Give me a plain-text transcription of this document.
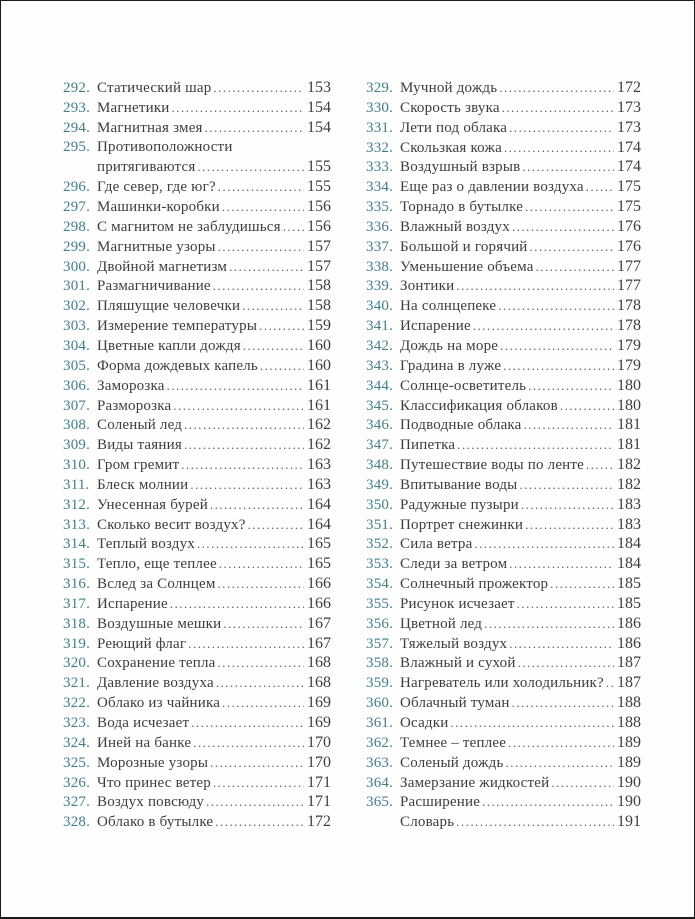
292. Статический шар .....	153
293. Магнетики .....	154
294. Магнитная змея .....	154
295. Противоположности
притягиваются .....	155
296. Где север, где юг? .....	155
297. Машинки-коробки .....	156
298. С магнитом не заблудишься ..... 156
299. Магнитные узоры .....	157
300. Двойной магнетизм .....	157
301. Размагничивание .....	158
302. Пляшущие человечки .....	158
303. Измерение температуры .....	159
304. Цветные капли дождя .....	160
305. Форма дождевых капель .....	160
306. Заморозка .....	161
307. Разморозка .....	161
308. Соленый лед .....	162
309. Виды таяния .....	162
310. Гром гремит .....	163
311. Блеск молнии .....	163
312. Унесенная бурей .....	164
313. Сколько весит воздух? .....	164
314. Теплый воздух .....	165
315. Тепло, еще теплее .....	165
316. Вслед за Солнцем .....	166
317. Испарение .....	166
318. Воздушные мешки .....	167
319. Реющий флаг .....	167
320. Сохранение тепла .....	168
321. Давление воздуха .....	168
322. Облако из чайника .....	169
323. Вода исчезает .....	169
324. Иней на банке .....	170
325. Морозные узоры .....	170
326. Что принес ветер .....	171
327. Воздух повсюду .....	171
328. Облако в бутылке .....	172
329. Мучной дождь .....	172
330. Скорость звука .....	173
331. Лети под облака .....	173
332. Скользкая кожа .....	174
333. Воздушный взрыв .....	174
334. Еще раз о давлении воздуха ..... 175
335. Торнадо в бутылке .....	175
336. Влажный воздух .....	176
337. Большой и горячий .....	176
338. Уменьшение объема .....	177
339. Зонтики .....	177
340. На солнцепеке .....	178
341. Испарение .....	178
342. Дождь на море .....	179
343. Градина в луже .....	179
344. Солнце-осветитель .....	180
345. Классификация облаков .....	180
346. Подводные облака .....	181
347. Пипетка .....	181
348. Путешествие воды по ленте ..... 182
349. Впитывание воды .....	182
350. Радужные пузыри .....	183
351. Портрет снежинки .....	183
352. Сила ветра .....	184
353. Следи за ветром .....	184
354. Солнечный прожектор .....	185
355. Рисунок исчезает .....	185
356. Цветной лед .....	186
357. Тяжелый воздух .....	186
358. Влажный и сухой .....	187
359. Нагреватель или холодильник? ..... 187
360. Облачный туман .....	188
361. Осадки .....	188
362. Темнее – теплее .....	189
363. Соленый дождь .....	189
364. Замерзание жидкостей .....	190
365. Расширение .....	190
Словарь .....	191
